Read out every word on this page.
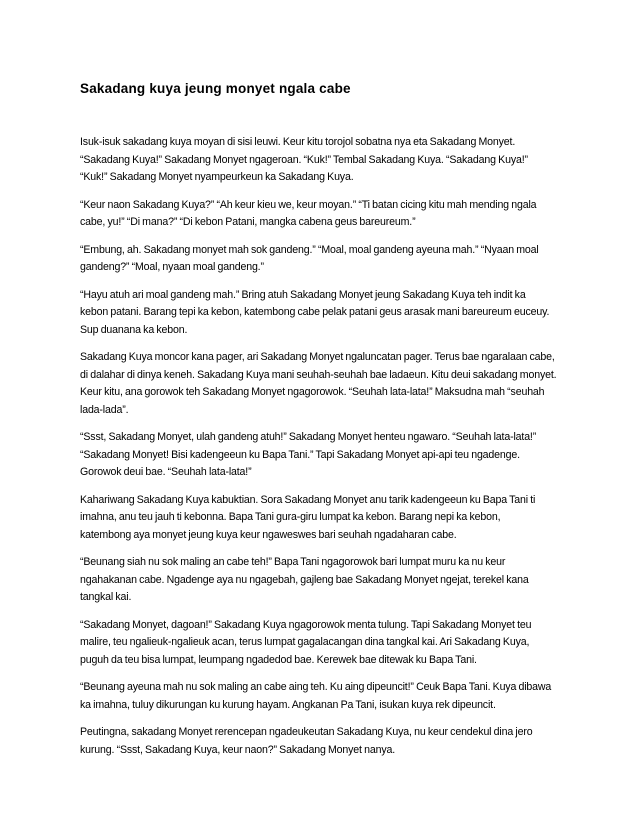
Sakadang kuya jeung monyet ngala cabe
Isuk-isuk sakadang kuya moyan di sisi leuwi. Keur kitu torojol sobatna nya eta Sakadang Monyet.
“Sakadang Kuya!” Sakadang Monyet ngageroan. “Kuk!” Tembal Sakadang Kuya. “Sakadang Kuya!”
“Kuk!” Sakadang Monyet nyampeurkeun ka Sakadang Kuya.
“Keur naon Sakadang Kuya?” “Ah keur kieu we, keur moyan.” “Ti batan cicing kitu mah mending ngala
cabe, yu!” “Di mana?” “Di kebon Patani, mangka cabena geus bareureum.”
“Embung, ah. Sakadang monyet mah sok gandeng.” “Moal, moal gandeng ayeuna mah.” “Nyaan moal
gandeng?” “Moal, nyaan moal gandeng.”
“Hayu atuh ari moal gandeng mah.” Bring atuh Sakadang Monyet jeung Sakadang Kuya teh indit ka
kebon patani. Barang tepi ka kebon, katembong cabe pelak patani geus arasak mani bareureum euceuy.
Sup duanana ka kebon.
Sakadang Kuya moncor kana pager, ari Sakadang Monyet ngaluncatan pager. Terus bae ngaralaan cabe,
di dalahar di dinya keneh. Sakadang Kuya mani seuhah-seuhah bae ladaeun. Kitu deui sakadang monyet.
Keur kitu, ana gorowok teh Sakadang Monyet ngagorowok. “Seuhah lata-lata!” Maksudna mah “seuhah
lada-lada”.
“Ssst, Sakadang Monyet, ulah gandeng atuh!” Sakadang Monyet henteu ngawaro. “Seuhah lata-lata!”
“Sakadang Monyet! Bisi kadengeeun ku Bapa Tani.” Tapi Sakadang Monyet api-api teu ngadenge.
Gorowok deui bae. “Seuhah lata-lata!”
Kahariwang Sakadang Kuya kabuktian. Sora Sakadang Monyet anu tarik kadengeeun ku Bapa Tani ti
imahna, anu teu jauh ti kebonna. Bapa Tani gura-giru lumpat ka kebon. Barang nepi ka kebon,
katembong aya monyet jeung kuya keur ngaweswes bari seuhah ngadaharan cabe.
“Beunang siah nu sok maling an cabe teh!” Bapa Tani ngagorowok bari lumpat muru ka nu keur
ngahakanan cabe. Ngadenge aya nu ngagebah, gajleng bae Sakadang Monyet ngejat, terekel kana
tangkal kai.
“Sakadang Monyet, dagoan!” Sakadang Kuya ngagorowok menta tulung. Tapi Sakadang Monyet teu
malire, teu ngalieuk-ngalieuk acan, terus lumpat gagalacangan dina tangkal kai. Ari Sakadang Kuya,
puguh da teu bisa lumpat, leumpang ngadedod bae. Kerewek bae ditewak ku Bapa Tani.
“Beunang ayeuna mah nu sok maling an cabe aing teh. Ku aing dipeuncit!” Ceuk Bapa Tani. Kuya dibawa
ka imahna, tuluy dikurungan ku kurung hayam. Angkanan Pa Tani, isukan kuya rek dipeuncit.
Peutingna, sakadang Monyet rerencepan ngadeukeutan Sakadang Kuya, nu keur cendekul dina jero
kurung. “Ssst, Sakadang Kuya, keur naon?” Sakadang Monyet nanya.
